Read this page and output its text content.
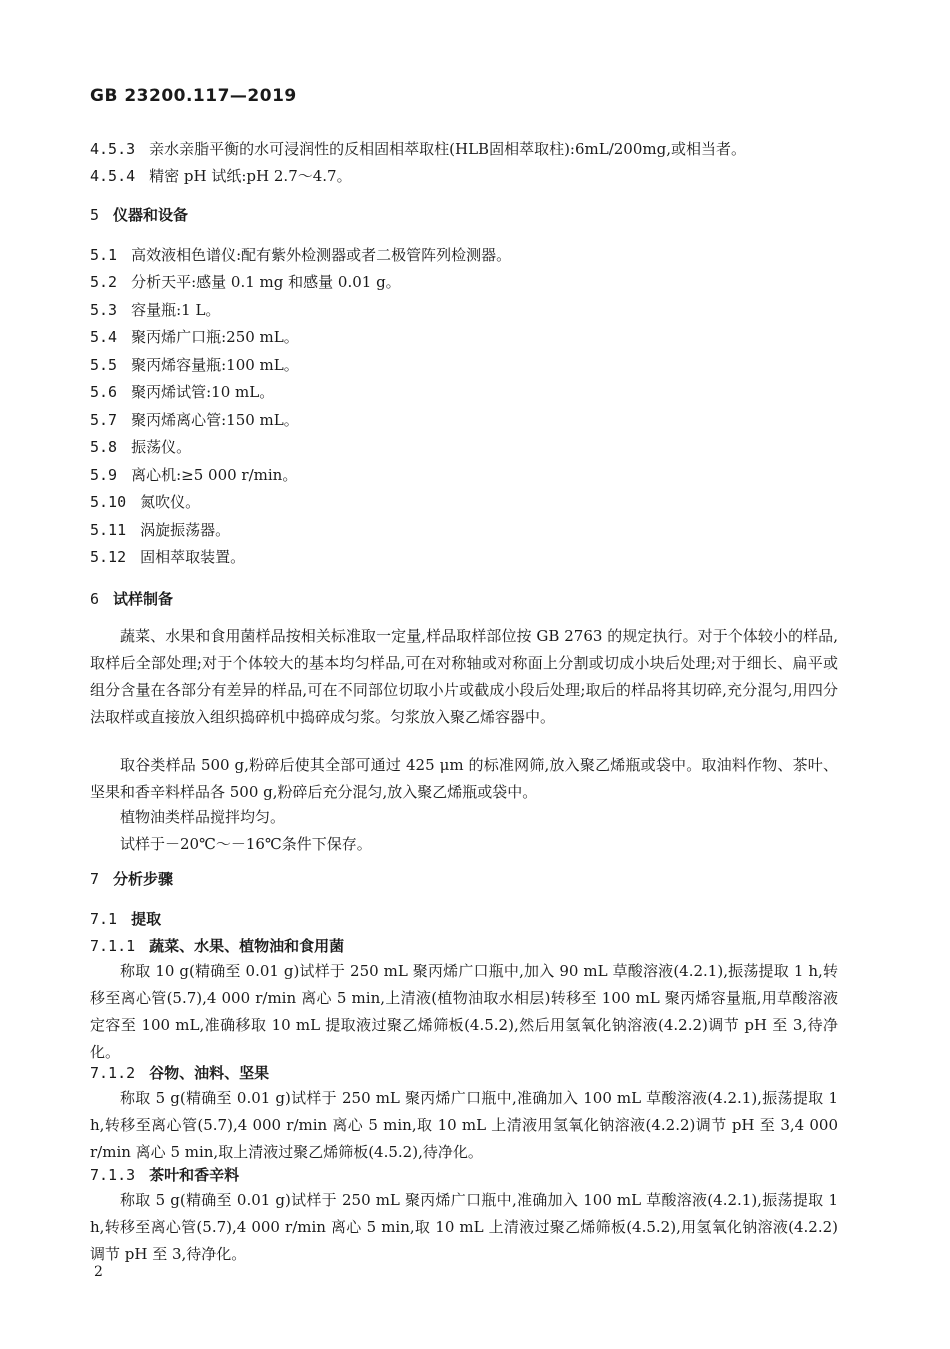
GB 23200.117—2019
4.5.3 亲水亲脂平衡的水可浸润性的反相固相萃取柱(HLB固相萃取柱):6mL/200mg,或相当者。
4.5.4 精密 pH 试纸:pH 2.7～4.7。
5 仪器和设备
5.1 高效液相色谱仪:配有紫外检测器或者二极管阵列检测器。
5.2 分析天平:感量 0.1 mg 和感量 0.01 g。
5.3 容量瓶:1 L。
5.4 聚丙烯广口瓶:250 mL。
5.5 聚丙烯容量瓶:100 mL。
5.6 聚丙烯试管:10 mL。
5.7 聚丙烯离心管:150 mL。
5.8 振荡仪。
5.9 离心机:≥5 000 r/min。
5.10 氮吹仪。
5.11 涡旋振荡器。
5.12 固相萃取装置。
6 试样制备
蔬菜、水果和食用菌样品按相关标准取一定量,样品取样部位按 GB 2763 的规定执行。对于个体较小的样品,取样后全部处理;对于个体较大的基本均匀样品,可在对称轴或对称面上分割或切成小块后处理;对于细长、扁平或组分含量在各部分有差异的样品,可在不同部位切取小片或截成小段后处理;取后的样品将其切碎,充分混匀,用四分法取样或直接放入组织捣碎机中捣碎成匀浆。匀浆放入聚乙烯容器中。
取谷类样品 500 g,粉碎后使其全部可通过 425 μm 的标准网筛,放入聚乙烯瓶或袋中。取油料作物、茶叶、坚果和香辛料样品各 500 g,粉碎后充分混匀,放入聚乙烯瓶或袋中。
植物油类样品搅拌均匀。
试样于－20℃～－16℃条件下保存。
7 分析步骤
7.1 提取
7.1.1 蔬菜、水果、植物油和食用菌
称取 10 g(精确至 0.01 g)试样于 250 mL 聚丙烯广口瓶中,加入 90 mL 草酸溶液(4.2.1),振荡提取 1 h,转移至离心管(5.7),4 000 r/min 离心 5 min,上清液(植物油取水相层)转移至 100 mL 聚丙烯容量瓶,用草酸溶液定容至 100 mL,准确移取 10 mL 提取液过聚乙烯筛板(4.5.2),然后用氢氧化钠溶液(4.2.2)调节 pH 至 3,待净化。
7.1.2 谷物、油料、坚果
称取 5 g(精确至 0.01 g)试样于 250 mL 聚丙烯广口瓶中,准确加入 100 mL 草酸溶液(4.2.1),振荡提取 1 h,转移至离心管(5.7),4 000 r/min 离心 5 min,取 10 mL 上清液用氢氧化钠溶液(4.2.2)调节 pH 至 3,4 000 r/min 离心 5 min,取上清液过聚乙烯筛板(4.5.2),待净化。
7.1.3 茶叶和香辛料
称取 5 g(精确至 0.01 g)试样于 250 mL 聚丙烯广口瓶中,准确加入 100 mL 草酸溶液(4.2.1),振荡提取 1 h,转移至离心管(5.7),4 000 r/min 离心 5 min,取 10 mL 上清液过聚乙烯筛板(4.5.2),用氢氧化钠溶液(4.2.2)调节 pH 至 3,待净化。
2
